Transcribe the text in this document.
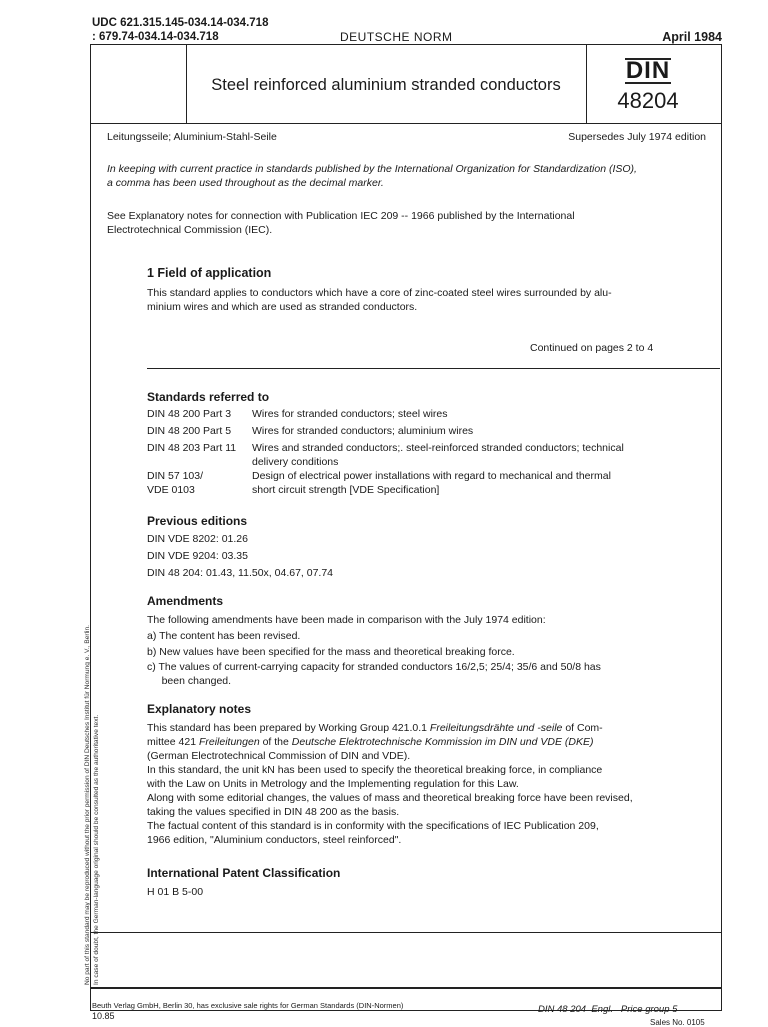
UDC 621.315.145-034.14-034.718
: 679.74-034.14-034.718	DEUTSCHE NORM	April 1984
Steel reinforced aluminium stranded conductors
DIN
48204
Leitungsseile; Aluminium-Stahl-Seile	Supersedes July 1974 edition
In keeping with current practice in standards published by the International Organization for Standardization (ISO),
a comma has been used throughout as the decimal marker.
See Explanatory notes for connection with Publication IEC 209 -- 1966 published by the International
Electrotechnical Commission (IEC).
1 Field of application
This standard applies to conductors which have a core of zinc-coated steel wires surrounded by alu-
minium wires and which are used as stranded conductors.
Continued on pages 2 to 4
Standards referred to
DIN 48 200 Part 3	Wires for stranded conductors; steel wires
DIN 48 200 Part 5	Wires for stranded conductors; aluminium wires
DIN 48 203 Part 11	Wires and stranded conductors;. steel-reinforced stranded conductors; technical
delivery conditions
DIN 57 103/	Design of electrical power installations with regard to mechanical and thermal
VDE 0103	short circuit strength [VDE Specification]
Previous editions
DIN VDE 8202: 01.26
DIN VDE 9204: 03.35
DIN 48 204: 01.43, 11.50x, 04.67, 07.74
Amendments
The following amendments have been made in comparison with the July 1974 edition:
a) The content has been revised.
b) New values have been specified for the mass and theoretical breaking force.
c) The values of current-carrying capacity for stranded conductors 16/2,5; 25/4; 35/6 and 50/8 has
been changed.
Explanatory notes
This standard has been prepared by Working Group 421.0.1 Freileitungsdrähte und -seile of Com-
mittee 421 Freileitungen of the Deutsche Elektrotechnische Kommission im DIN und VDE (DKE)
(German Electrotechnical Commission of DIN and VDE).
In this standard, the unit kN has been used to specify the theoretical breaking force, in compliance
with the Law on Units in Metrology and the Implementing regulation for this Law.
Along with some editorial changes, the values of mass and theoretical breaking force have been revised,
taking the values specified in DIN 48 200 as the basis.
The factual content of this standard is in conformity with the specifications of IEC Publication 209,
1966 edition, "Aluminium conductors, steel reinforced".
International Patent Classification
H 01 B 5-00
No part of this standard may be reproduced without the prior permission of DIN Deutsches Institut für Normung e. V., Berlin. In case of doubt, the German-language original should be consulted as the authoritative text.
Beuth Verlag GmbH, Berlin 30, has exclusive sale rights for German Standards (DIN-Normen)
10.85
DIN 48 204  Engl.   Price group 5
Sales No. 0105
